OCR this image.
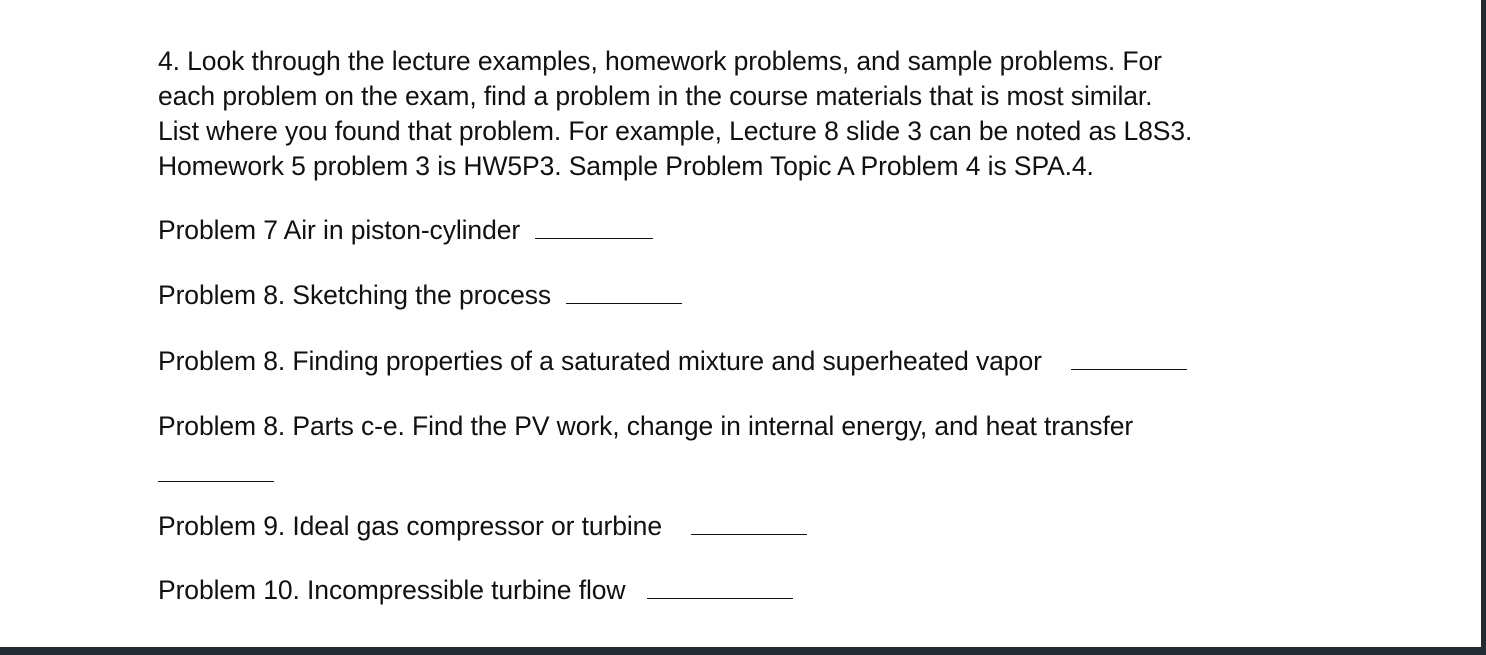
4. Look through the lecture examples, homework problems, and sample problems. For

each problem on the exam, find a problem in the course materials that is most similar.

List where you found that problem. For example, Lecture 8 slide 3 can be noted as L8S3.

Homework 5 problem 3 is HW5P3. Sample Problem Topic A Problem 4 is SPA.4.

Problem 7 Air in piston-cylinder
Problem 8. Sketching the process
Problem 8. Finding properties of a saturated mixture and superheated vapor
Problem 8. Parts c-e. Find the PV work, change in internal energy, and heat transfer
Problem 9. Ideal gas compressor or turbine
Problem 10. Incompressible turbine flow
